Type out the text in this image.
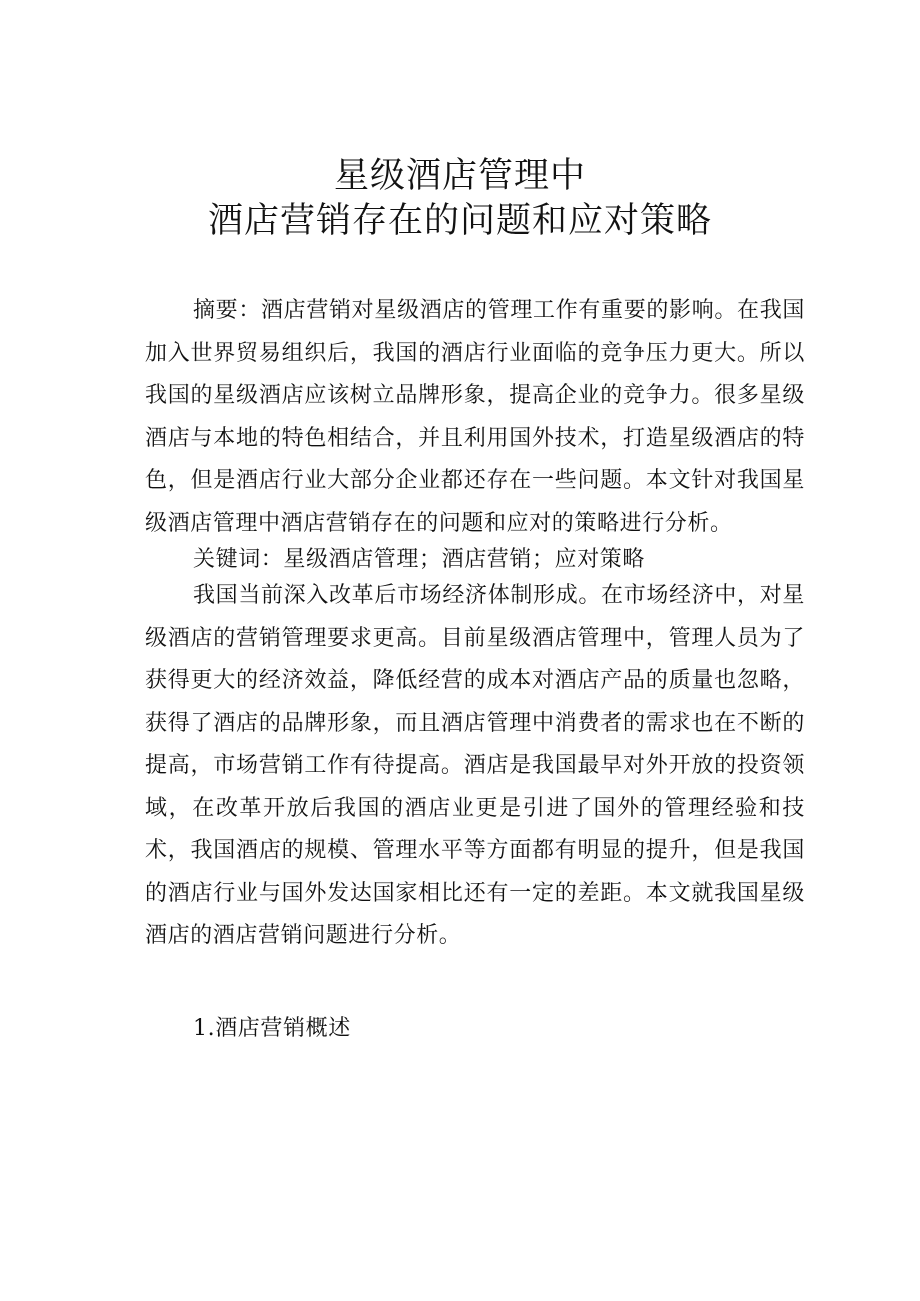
星级酒店管理中
酒店营销存在的问题和应对策略

摘要：酒店营销对星级酒店的管理工作有重要的影响。在我国加入世界贸易组织后，我国的酒店行业面临的竞争压力更大。所以我国的星级酒店应该树立品牌形象，提高企业的竞争力。很多星级酒店与本地的特色相结合，并且利用国外技术，打造星级酒店的特色，但是酒店行业大部分企业都还存在一些问题。本文针对我国星级酒店管理中酒店营销存在的问题和应对的策略进行分析。

关键词：星级酒店管理；酒店营销；应对策略

我国当前深入改革后市场经济体制形成。在市场经济中，对星级酒店的营销管理要求更高。目前星级酒店管理中，管理人员为了获得更大的经济效益，降低经营的成本对酒店产品的质量也忽略，获得了酒店的品牌形象，而且酒店管理中消费者的需求也在不断的提高，市场营销工作有待提高。酒店是我国最早对外开放的投资领域，在改革开放后我国的酒店业更是引进了国外的管理经验和技术，我国酒店的规模、管理水平等方面都有明显的提升，但是我国的酒店行业与国外发达国家相比还有一定的差距。本文就我国星级酒店的酒店营销问题进行分析。

1.酒店营销概述
